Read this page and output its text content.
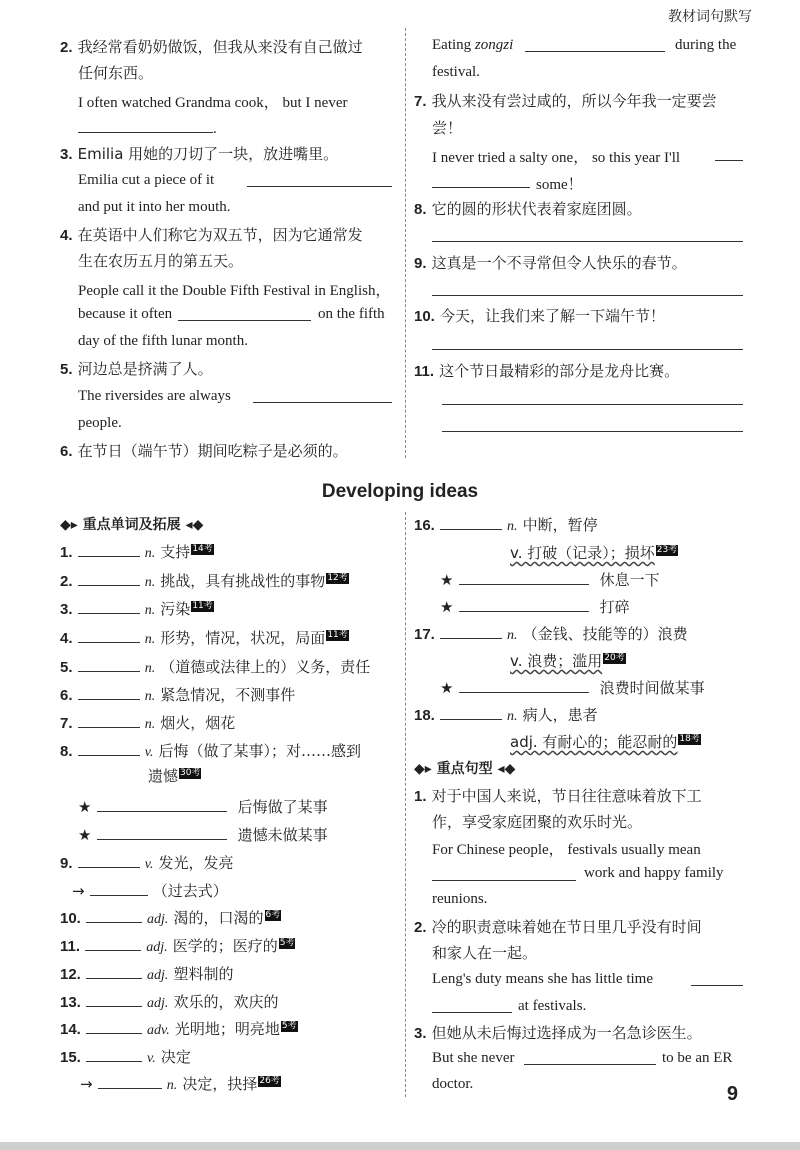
教材词句默写
2. 我经常看奶奶做饭，但我从来没有自己做过
任何东西。
I often watched Grandma cook， but I never
.
3. Emilia 用她的刀切了一块，放进嘴里。
Emilia cut a piece of it
and put it into her mouth.
4. 在英语中人们称它为双五节，因为它通常发
生在农历五月的第五天。
People call it the Double Fifth Festival in English，
because it often	on the fifth
day of the fifth lunar month.
5. 河边总是挤满了人。
The riversides are always
people.
6. 在节日（端午节）期间吃粽子是必须的。
Eating zongzi	during the
festival.
7. 我从来没有尝过咸的，所以今年我一定要尝
尝！
I never tried a salty one， so this year I'll
some！
8. 它的圆的形状代表着家庭团圆。
9. 这真是一个不寻常但令人快乐的春节。
10. 今天，让我们来了解一下端午节！
11. 这个节日最精彩的部分是龙舟比赛。
Developing ideas
◆▸ 重点单词及拓展 ◂◆
1.	n. 支持 14考
2.	n. 挑战，具有挑战性的事物 12考
3.	n. 污染 11考
4.	n. 形势，情况，状况，局面 11考
5.	n. （道德或法律上的）义务，责任
6.	n. 紧急情况，不测事件
7.	n. 烟火，烟花
8.	v. 后悔（做了某事）；对……感到
遗憾 30考
★	后悔做了某事
★	遗憾未做某事
9.	v. 发光，发亮
→	（过去式）
10.	adj. 渴的，口渴的 6考
11.	adj. 医学的；医疗的 5考
12.	adj. 塑料制的
13.	adj. 欢乐的，欢庆的
14.	adv. 光明地；明亮地 5考
15.	v. 决定
→	n. 决定，抉择 26考
16.	n. 中断，暂停
v. 打破（记录）；损坏 23考
★	休息一下
★	打碎
17.	n. （金钱、技能等的）浪费
v. 浪费；滥用 20考
★	浪费时间做某事
18.	n. 病人，患者
adj. 有耐心的；能忍耐的 18考
◆▸ 重点句型 ◂◆
1. 对于中国人来说，节日往往意味着放下工
作，享受家庭团聚的欢乐时光。
For Chinese people， festivals usually mean
work and happy family
reunions.
2. 冷的职责意味着她在节日里几乎没有时间
和家人在一起。
Leng's duty means she has little time
at festivals.
3. 但她从未后悔过选择成为一名急诊医生。
But she never	to be an ER
doctor.	9
